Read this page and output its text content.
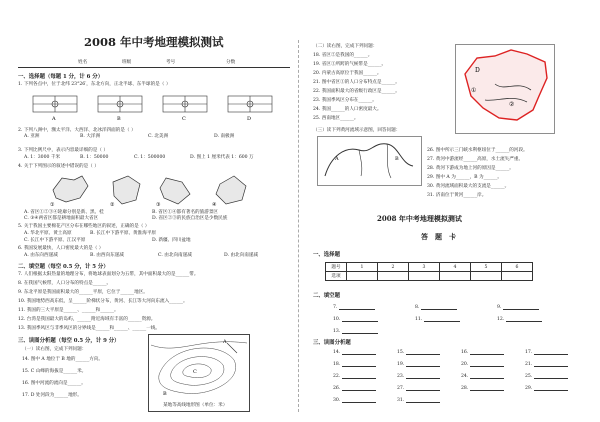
2008 年中考地理模拟测试
姓名	班级	考号	分数
一、选择题（每题 1 分，计 6 分）
1. 下列各点中，位于北纬 23°26′，东北方向，正北半球、东半球的是（ ）
A	B	C	D
2. 下列八洲中，濒太平洋、大西洋、北冰洋四面的是（ ）
A. 亚洲	B. 大洋洲	C. 北美洲	D. 南极洲
3. 下列比例尺中，表示内容最详细的是（ ）
A. 1：3000 千米	B. 1：50000	C. 1：500000	D. 图上 1 厘米代表 1：600 万
4. 关于下列图示的叙述中错误的是（ ）
①	②	③	④
A. 省区①②③④轮廓分别是新、黑、桂	B. 省区①④都有著名的旅游景区
C. ③④两省区都是耕地面积最大省区	D. 省区②③的民族自治区是少数民族
5. 关于我国主要棉花产区分布在哪些地区的叙述，正确的是（ ）
A. 华北平原、黄土高原	B. 长江中下游平原、黄淮海平原
C. 长江中下游平原、江汉平原	D. 新疆、四川盆地
6. 我国发展最快，人口密度最大的是（ ）
A. 由东向西递减	B. 由西向东递减	C. 由北向南递减	D. 由北向南递减
二、填空题（每空 0.5 分，计 5 分）
7. 人们根据太阳热量的地理分布，将地球表面划分为五带，其中面积最大的是______带。
8. 在我国气候带，人口分布的特点是______。
9. 东北平原是我国面积最大的______平原，它位于______地区。
10. 我国地势西高东低，呈______阶梯状分布，黄河、长江等大河向东流入______。
11. 我国的三大平原是______、______和______。
12. 台湾是我国最大的岛屿，______附近海域有丰富的______资源。
13. 我国季风区与非季风区的分界线是______和______、______一线。
三、读图分析题（每空 0.5 分，计 9 分）
（一）读右图，完成下列问题：
14. 图中 A 地位于 B 地的______方向。
15. C 山峰的海拔是______米。
16. 图中河流的流向是______。
17. D 处河段为______地形。
A
C
B
某地等高线地形图（单位：米）
（二）读右图，完成下列问题：
18. 省区②是我国的______。
19. 省区①所跨的气候带是______。
20. 内蒙古高原位于我国______。
21. 图中省区①的人口分布特点是______。
22. 我国面积最大的省级行政区是______。
23. 我国季风区分布在______。
24. 我国______的人口密度最大。
25. 西南地区______。
D
②
①
（三）读下列黄河流域示意图，回答问题：
A	B
26. 图中所示三门峡水利枢纽位于______的河段。
27. 黄河中游流经______高原，水土流失严重。
28. 黄河下游成为地上河的原因是______。
29. 图中 A 为______，B 为______。
30. 黄河流域面积最大的支流是______。
31. 济南位于黄河______岸。
2008 年中考地理模拟测试
答　题　卡
一、选择题
题号	1	2	3	4	5	6
选项						
二、填空题
7.	8.	9.
10.	11.	12.
13.
三、读图分析题
14.	15.	16.	17.
18.	19.	20.	21.
22.	23.	24.	25.
26.	27.	28.	29.
30.	31.
